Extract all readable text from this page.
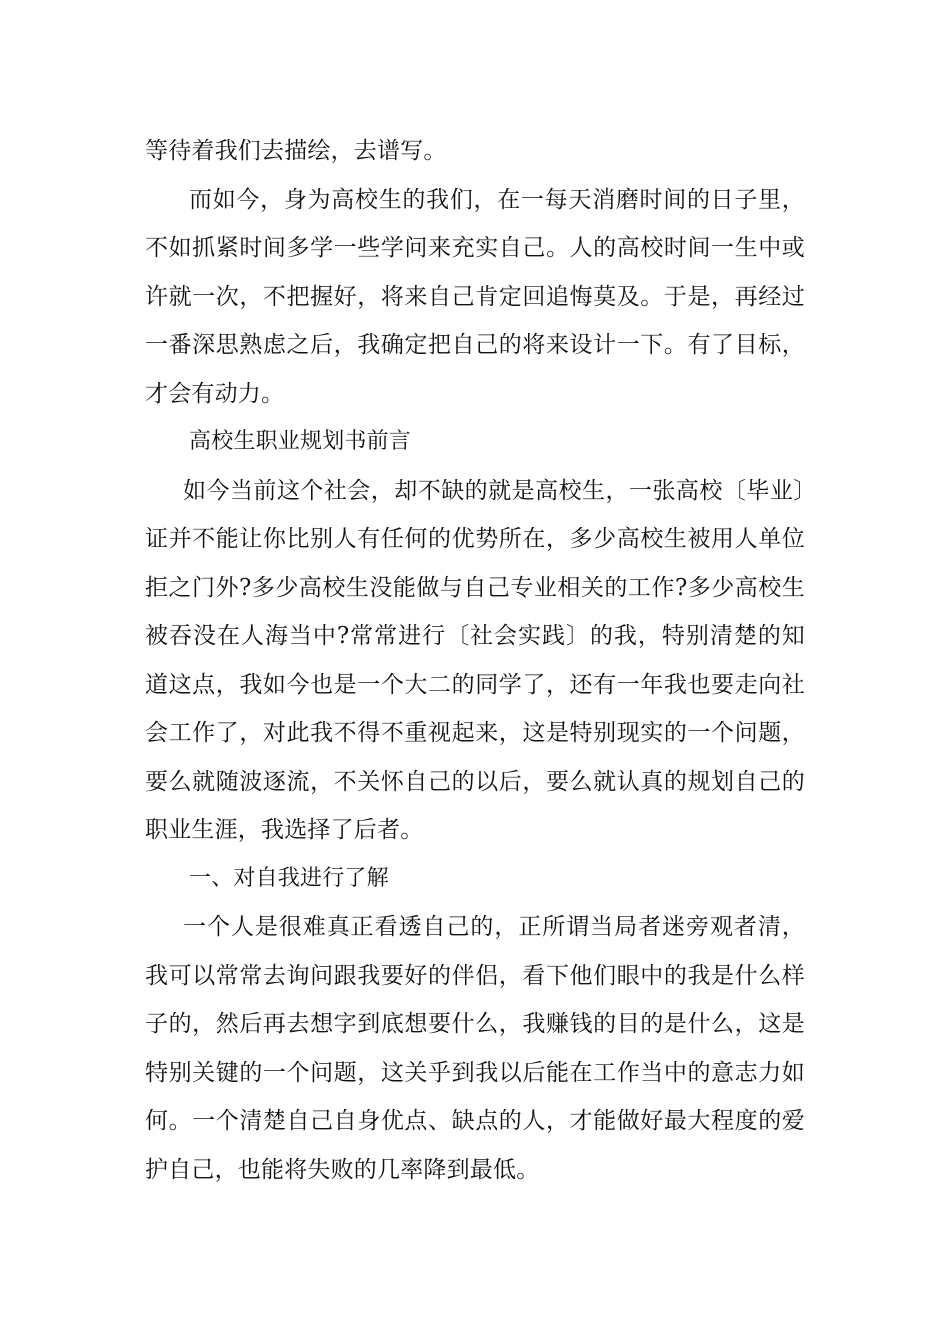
等待着我们去描绘，去谱写。

而如今，身为高校生的我们，在一每天消磨时间的日子里，不如抓紧时间多学一些学问来充实自己。人的高校时间一生中或许就一次，不把握好，将来自己肯定回追悔莫及。于是，再经过一番深思熟虑之后，我确定把自己的将来设计一下。有了目标，才会有动力。

高校生职业规划书前言

如今当前这个社会，却不缺的就是高校生，一张高校〔毕业〕证并不能让你比别人有任何的优势所在，多少高校生被用人单位拒之门外?多少高校生没能做与自己专业相关的工作?多少高校生被吞没在人海当中?常常进行〔社会实践〕的我，特别清楚的知道这点，我如今也是一个大二的同学了，还有一年我也要走向社会工作了，对此我不得不重视起来，这是特别现实的一个问题，要么就随波逐流，不关怀自己的以后，要么就认真的规划自己的职业生涯，我选择了后者。

一、对自我进行了解

一个人是很难真正看透自己的，正所谓当局者迷旁观者清，我可以常常去询问跟我要好的伴侣，看下他们眼中的我是什么样子的，然后再去想字到底想要什么，我赚钱的目的是什么，这是特别关键的一个问题，这关乎到我以后能在工作当中的意志力如何。一个清楚自己自身优点、缺点的人，才能做好最大程度的爱护自己，也能将失败的几率降到最低。
